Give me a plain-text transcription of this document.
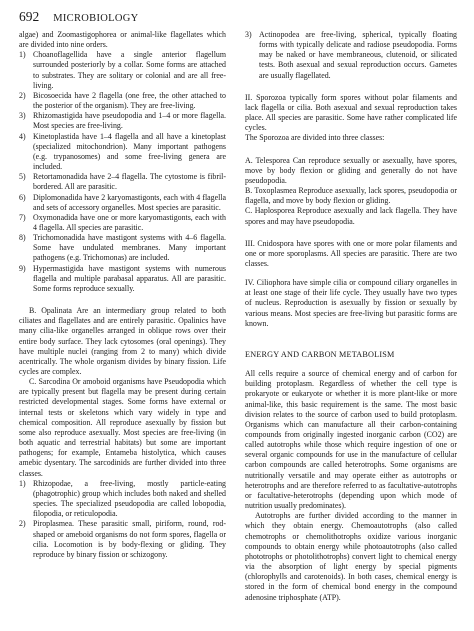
692 MICROBIOLOGY

algae) and Zoomastigophorea or animal-like flagellates which are divided into nine orders.

1) Choanoflagellida have a single anterior flagellum surrounded posteriorly by a collar. Some forms are attached to substrates. They are solitary or colonial and are all free-living.
2) Bicosoecida have 2 flagella (one free, the other attached to the posterior of the organism). They are free-living.
3) Rhizomastigida have pseudopodia and 1–4 or more flagella. Most species are free-living.
4) Kinetoplastida have 1–4 flagella and all have a kinetoplast (specialized mitochondrion). Many important pathogens (e.g. trypanosomes) and some free-living genera are included.
5) Retortamonadida have 2–4 flagella. The cytostome is fibril-bordered. All are parasitic.
6) Diplomonadida have 2 karyomastigonts, each with 4 flagella and sets of accessory organelles. Most species are parasitic.
7) Oxymonadida have one or more karyomastigonts, each with 4 flagella. All species are parasitic.
8) Trichomonadida have mastigont systems with 4–6 flagella. Some have undulated membranes. Many important pathogens (e.g. Trichomonas) are included.
9) Hypermastigida have mastigont systems with numerous flagella and multiple parabasal apparatus. All are parasitic. Some forms reproduce sexually.

B. Opalinata Are an intermediary group related to both ciliates and flagellates and are entirely parasitic. Opalinics have many cilia-like organelles arranged in oblique rows over their entire body surface. They lack cytosomes (oral openings). They have multiple nuclei (ranging from 2 to many) which divide acentrically. The whole organism divides by binary fission. Life cycles are complex.

C. Sarcodina Or amoboid organisms have Pseudopodia which are typically present but flagella may be present during certain restricted developmental stages. Some forms have external or internal tests or skeletons which vary widely in type and chemical composition. All reproduce asexually by fission but some also reproduce asexually. Most species are free-living (in both aquatic and terrestrial habitats) but some are important pathogens; for example, Entameba histolytica, which causes amebic dysentary. The sarcodinids are further divided into three classes.

1) Rhizopodae, a free-living, mostly particle-eating (phagotrophic) group which includes both naked and shelled species. The specialized pseudopodia are called lobopodia, filopodia, or reticulopodia.
2) Piroplasmea. These parasitic small, piriform, round, rod-shaped or ameboid organisms do not form spores, flagella or cilia. Locomotion is by body-flexing or gliding. They reproduce by binary fission or schizogony.
3) Actinopodea are free-living, spherical, typically floating forms with typically delicate and radiose pseudopodia. Forms may be naked or have membraneous, clutenoid, or silicated tests. Both asexual and sexual reproduction occurs. Gametes are usually flagellated.

II. Sporozoa typically form spores without polar filaments and lack flagella or cilia. Both asexual and sexual reproduction takes place. All species are parasitic. Some have rather complicated life cycles.

The Sporozoa are divided into three classes:

A. Telesporea Can reproduce sexually or asexually, have spores, move by body flexion or gliding and generally do not have pseudopodia.

B. Toxoplasmea Reproduce asexually, lack spores, pseudopodia or flagella, and move by body flexion or gliding.

C. Haplosporea Reproduce asexually and lack flagella. They have spores and may have pseudopodia.

III. Cnidospora have spores with one or more polar filaments and one or more sporoplasms. All species are parasitic. There are two classes.

IV. Ciliophora have simple cilia or compound ciliary organelles in at least one stage of their life cycle. They usually have two types of nucleus. Reproduction is asexually by fission or sexually by various means. Most species are free-living but parasitic forms are known.

ENERGY AND CARBON METABOLISM

All cells require a source of chemical energy and of carbon for building protoplasm. Regardless of whether the cell type is prokaryote or eukaryote or whether it is more plant-like or more animal-like, this basic requirement is the same. The most basic division relates to the source of carbon used to build protoplasm. Organisms which can manufacture all their carbon-containing compounds from originally ingested inorganic carbon (CO2) are called autotrophs while those which require ingestion of one or several organic compounds for use in the manufacture of cellular carbon compounds are called heterotrophs. Some organisms are nutritionally versatile and may operate either as autotrophs or heterotrophs and are therefore referred to as facultative-autotrophs or facultative-heterotrophs (depending upon which mode of nutrition usually predominates).

Autotrophs are further divided according to the manner in which they obtain energy. Chemoautotrophs (also called chemotrophs or chemolithotrophs oxidize various inorganic compounds to obtain energy while photoautotrophs (also called phototrophs or photolithotrophs) convert light to chemical energy via the absorption of light energy by special pigments (chlorophylls and carotenoids). In both cases, chemical energy is stored in the form of chemical bond energy in the compound adenosine triphosphate (ATP).
